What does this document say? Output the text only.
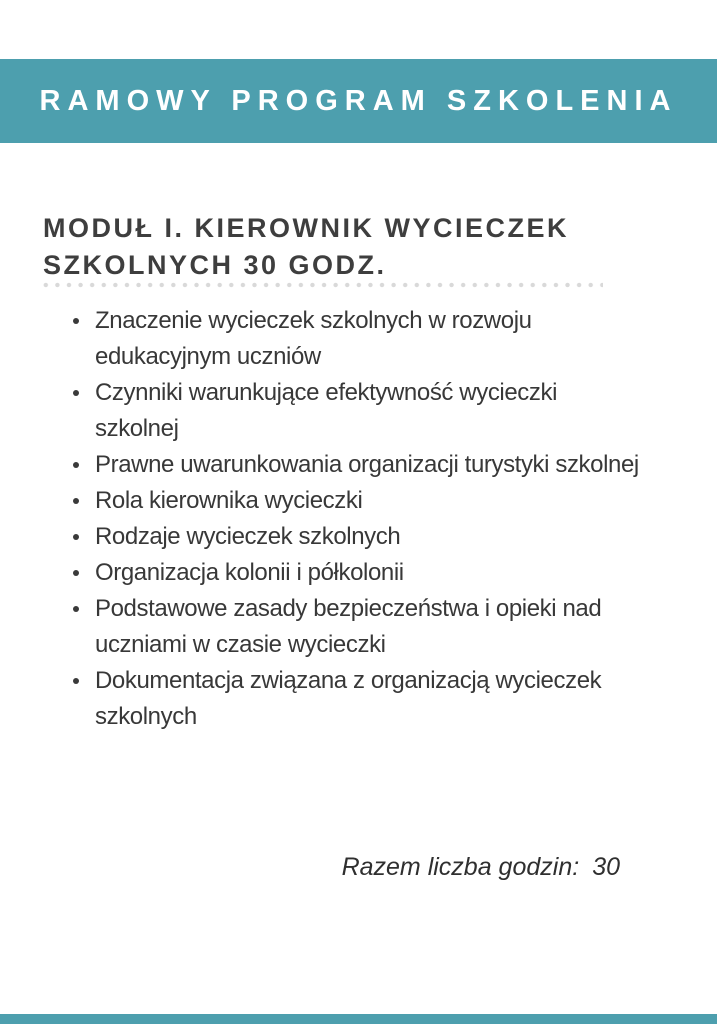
RAMOWY PROGRAM SZKOLENIA
MODUŁ I. KIEROWNIK WYCIECZEK
SZKOLNYCH 30 GODZ.
Znaczenie wycieczek szkolnych w rozwoju edukacyjnym uczniów
Czynniki warunkujące efektywność wycieczki szkolnej
Prawne uwarunkowania organizacji turystyki szkolnej
Rola kierownika wycieczki
Rodzaje wycieczek szkolnych
Organizacja kolonii i półkolonii
Podstawowe zasady bezpieczeństwa i opieki nad uczniami w czasie wycieczki
Dokumentacja związana z organizacją wycieczek szkolnych
Razem liczba godzin: 30
